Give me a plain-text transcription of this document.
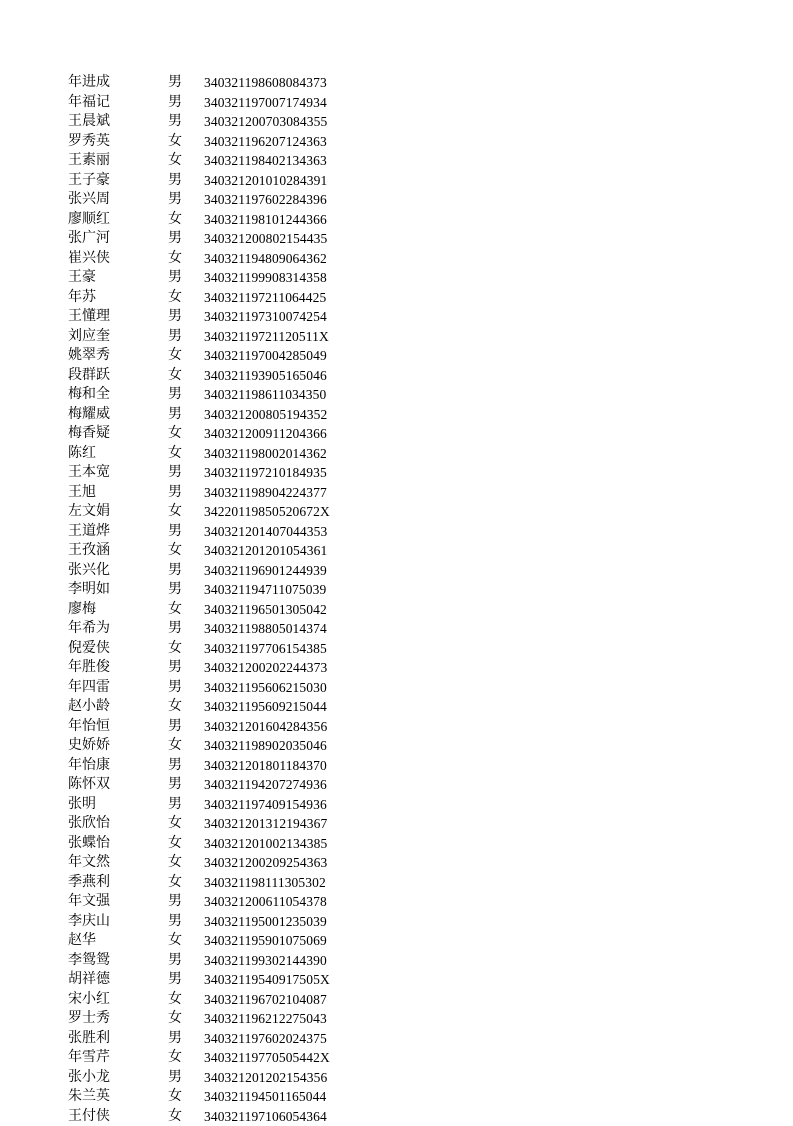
年进成	男	340321198608084373
年福记	男	340321197007174934
王晨斌	男	340321200703084355
罗秀英	女	340321196207124363
王素丽	女	340321198402134363
王子豪	男	340321201010284391
张兴周	男	340321197602284396
廖顺红	女	340321198101244366
张广河	男	340321200802154435
崔兴侠	女	340321194809064362
王豪	男	340321199908314358
年苏	女	340321197211064425
王懂理	男	340321197310074254
刘应奎	男	34032119721120511X
姚翠秀	女	340321197004285049
段群跃	女	340321193905165046
梅和全	男	340321198611034350
梅耀威	男	340321200805194352
梅香疑	女	340321200911204366
陈红	女	340321198002014362
王本宽	男	340321197210184935
王旭	男	340321198904224377
左文娟	女	34220119850520672X
王道烨	男	340321201407044353
王孜涵	女	340321201201054361
张兴化	男	340321196901244939
李明如	男	340321194711075039
廖梅	女	340321196501305042
年希为	男	340321198805014374
倪爱侠	女	340321197706154385
年胜俊	男	340321200202244373
年四雷	男	340321195606215030
赵小龄	女	340321195609215044
年怡恒	男	340321201604284356
史娇娇	女	340321198902035046
年怡康	男	340321201801184370
陈怀双	男	340321194207274936
张明	男	340321197409154936
张欣怡	女	340321201312194367
张蝶怡	女	340321201002134385
年文然	女	340321200209254363
季燕利	女	340321198111305302
年文强	男	340321200611054378
李庆山	男	340321195001235039
赵华	女	340321195901075069
李鸳鸳	男	340321199302144390
胡祥德	男	34032119540917505X
宋小红	女	340321196702104087
罗士秀	女	340321196212275043
张胜利	男	340321197602024375
年雪芹	女	34032119770505442X
张小龙	男	340321201202154356
朱兰英	女	340321194501165044
王付侠	女	340321197106054364
